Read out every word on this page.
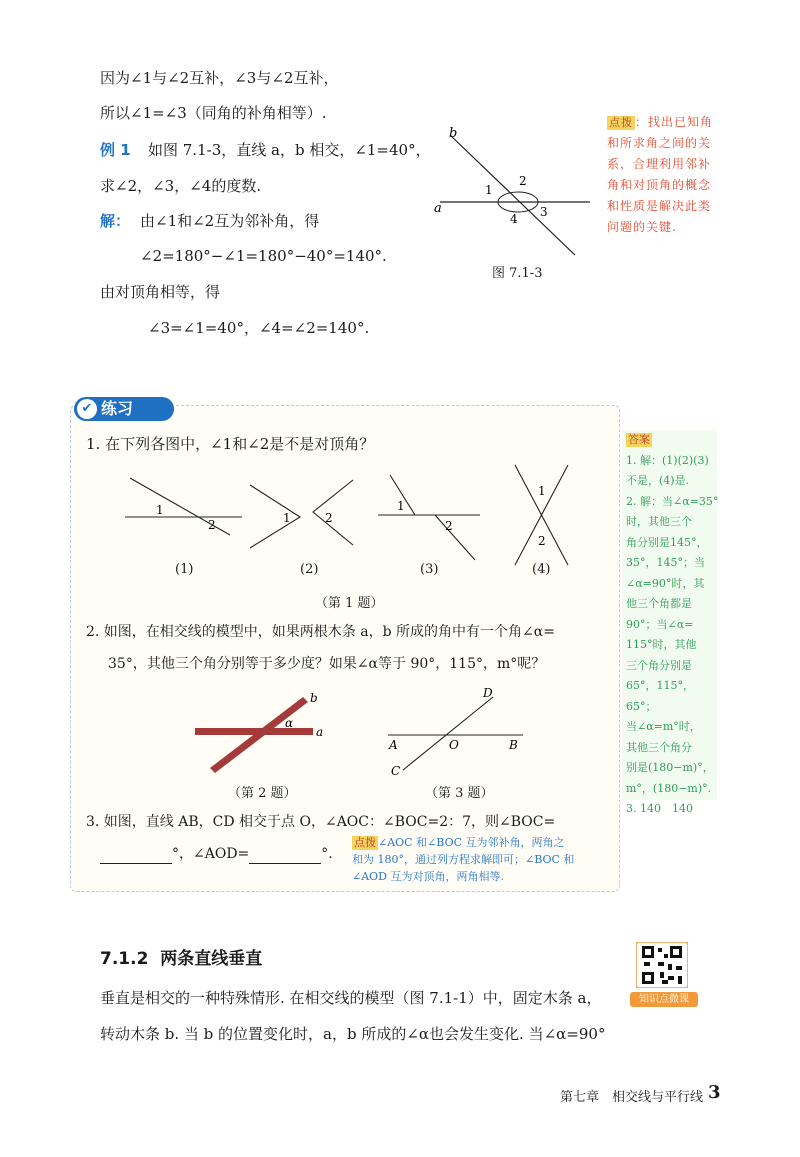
因为∠1与∠2互补，∠3与∠2互补，
所以∠1=∠3（同角的补角相等）.
例 1 如图 7.1-3，直线 a，b 相交，∠1=40°，
求∠2，∠3，∠4的度数.
解： 由∠1和∠2互为邻补角，得
∠2=180°−∠1=180°−40°=140°.
由对顶角相等，得
∠3=∠1=40°，∠4=∠2=140°.
b
a
1
2
3
4
图 7.1-3
点拨 ：找出已知角
和所求角之间的关
系，合理利用邻补
角和对顶角的概念
和性质是解决此类
问题的关键.
✔ 练习
1. 在下列各图中，∠1和∠2是不是对顶角？
1
2	1	2
1
2
1
2
(1)	(2)	(3)	(4)
（第 1 题）
2. 如图，在相交线的模型中，如果两根木条 a，b 所成的角中有一个角∠α=
35°，其他三个角分别等于多少度？如果∠α等于 90°，115°，m°呢？
b
a
α
（第 2 题）
D
A	O	B
C
（第 3 题）
3. 如图，直线 AB，CD 相交于点 O，∠AOC：∠BOC=2：7，则∠BOC=
°，∠AOD=	°.
点拨 ∠AOC 和∠BOC 互为邻补角，两角之
和为 180°，通过列方程求解即可；∠BOC 和
∠AOD 互为对顶角，两角相等.
答案
1. 解：(1)(2)(3)
不是，(4)是.
2. 解：当∠α=35°
时，其他三个
角分别是145°，
35°，145°；当
∠α=90°时，其
他三个角都是
90°；当∠α=
115°时，其他
三个角分别是
65°，115°，65°；
当∠α=m°时，
其他三个角分
别是(180−m)°，
m°，(180−m)°.
3. 140　140
7.1.2 两条直线垂直
垂直是相交的一种特殊情形. 在相交线的模型（图 7.1-1）中，固定木条 a，
转动木条 b. 当 b 的位置变化时，a，b 所成的∠α也会发生变化. 当∠α=90°
知识点微课
第七章　相交线与平行线 3
